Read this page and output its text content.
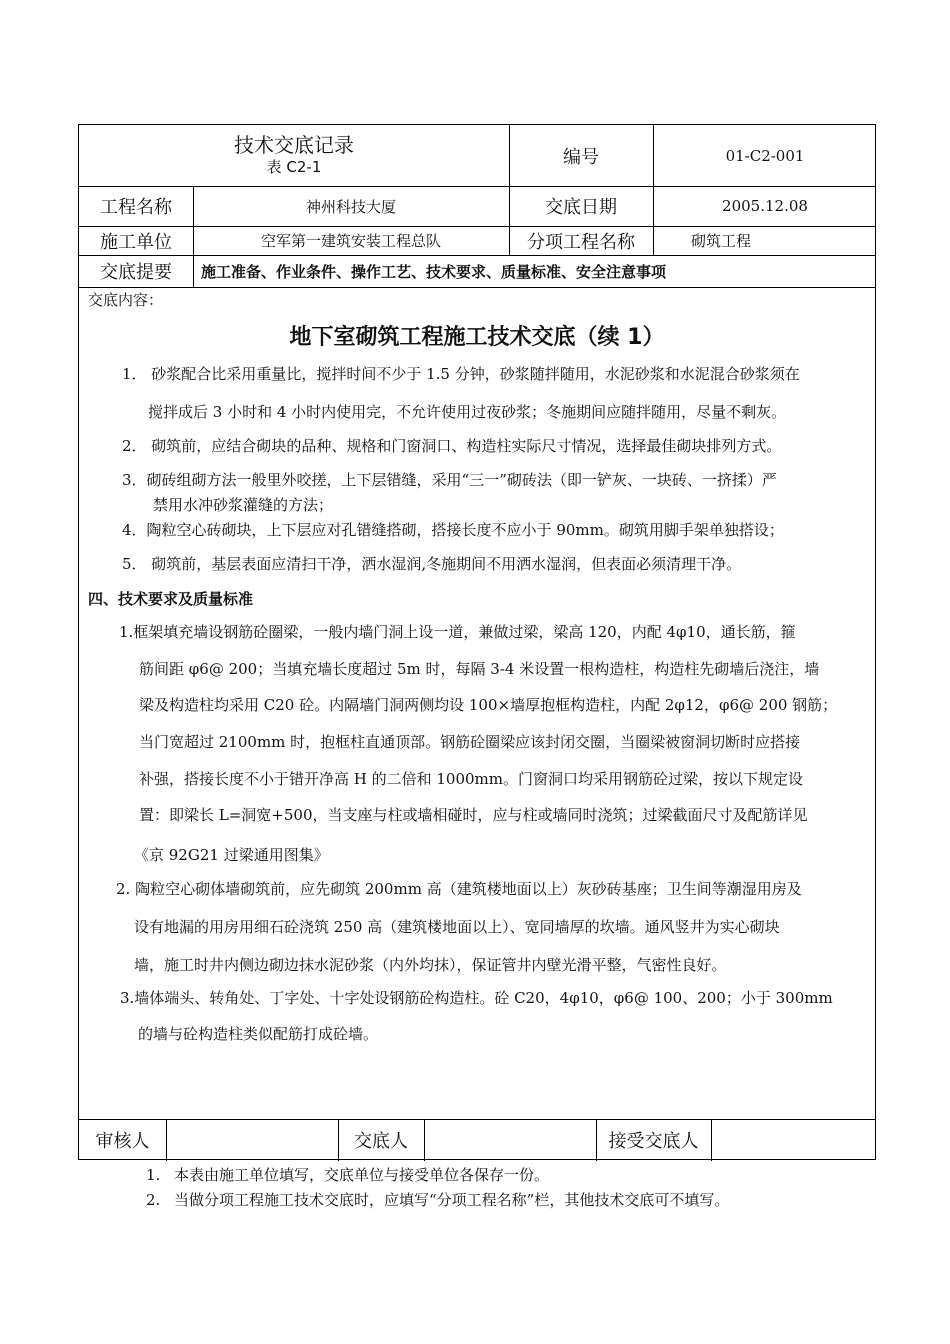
技术交底记录
表 C2-1	编号	01-C2-001
工程名称	神州科技大厦	交底日期	2005.12.08
施工单位	空军第一建筑安装工程总队	分项工程名称	砌筑工程
交底提要	施工准备、作业条件、操作工艺、技术要求、质量标准、安全注意事项
交底内容：
地下室砌筑工程施工技术交底（续 1）
1． 砂浆配合比采用重量比，搅拌时间不少于 1.5 分钟，砂浆随拌随用，水泥砂浆和水泥混合砂浆须在
搅拌成后 3 小时和 4 小时内使用完，不允许使用过夜砂浆；冬施期间应随拌随用，尽量不剩灰。
2． 砌筑前，应结合砌块的品种、规格和门窗洞口、构造柱实际尺寸情况，选择最佳砌块排列方式。
3．砌砖组砌方法一般里外咬搓，上下层错缝，采用“三一”砌砖法（即一铲灰、一块砖、一挤揉）严
禁用水冲砂浆灌缝的方法；
4．陶粒空心砖砌块，上下层应对孔错缝搭砌，搭接长度不应小于 90mm。砌筑用脚手架单独搭设；
5． 砌筑前，基层表面应清扫干净，洒水湿润,冬施期间不用洒水湿润，但表面必须清理干净。
四、技术要求及质量标准
1.框架填充墙设钢筋砼圈梁，一般内墙门洞上设一道，兼做过梁，梁高 120，内配 4φ10，通长筋，箍
筋间距 φ6@ 200；当填充墙长度超过 5m 时，每隔 3-4 米设置一根构造柱，构造柱先砌墙后浇注，墙
梁及构造柱均采用 C20 砼。内隔墙门洞两侧均设 100×墙厚抱框构造柱，内配 2φ12，φ6@ 200 钢筋；
当门宽超过 2100mm 时，抱框柱直通顶部。钢筋砼圈梁应该封闭交圈，当圈梁被窗洞切断时应搭接
补强，搭接长度不小于错开净高 H 的二倍和 1000mm。门窗洞口均采用钢筋砼过梁，按以下规定设
置：即梁长 L=洞宽+500，当支座与柱或墙相碰时，应与柱或墙同时浇筑；过梁截面尺寸及配筋详见
《京 92G21 过梁通用图集》
2. 陶粒空心砌体墙砌筑前，应先砌筑 200mm 高（建筑楼地面以上）灰砂砖基座；卫生间等潮湿用房及
设有地漏的用房用细石砼浇筑 250 高（建筑楼地面以上）、宽同墙厚的坎墙。通风竖井为实心砌块
墙，施工时井内侧边砌边抹水泥砂浆（内外均抹），保证管井内壁光滑平整，气密性良好。
3.墙体端头、转角处、丁字处、十字处设钢筋砼构造柱。砼 C20，4φ10，φ6@ 100、200；小于 300mm
的墙与砼构造柱类似配筋打成砼墙。
审核人	交底人	接受交底人
1. 本表由施工单位填写，交底单位与接受单位各保存一份。
2. 当做分项工程施工技术交底时，应填写“分项工程名称”栏，其他技术交底可不填写。
